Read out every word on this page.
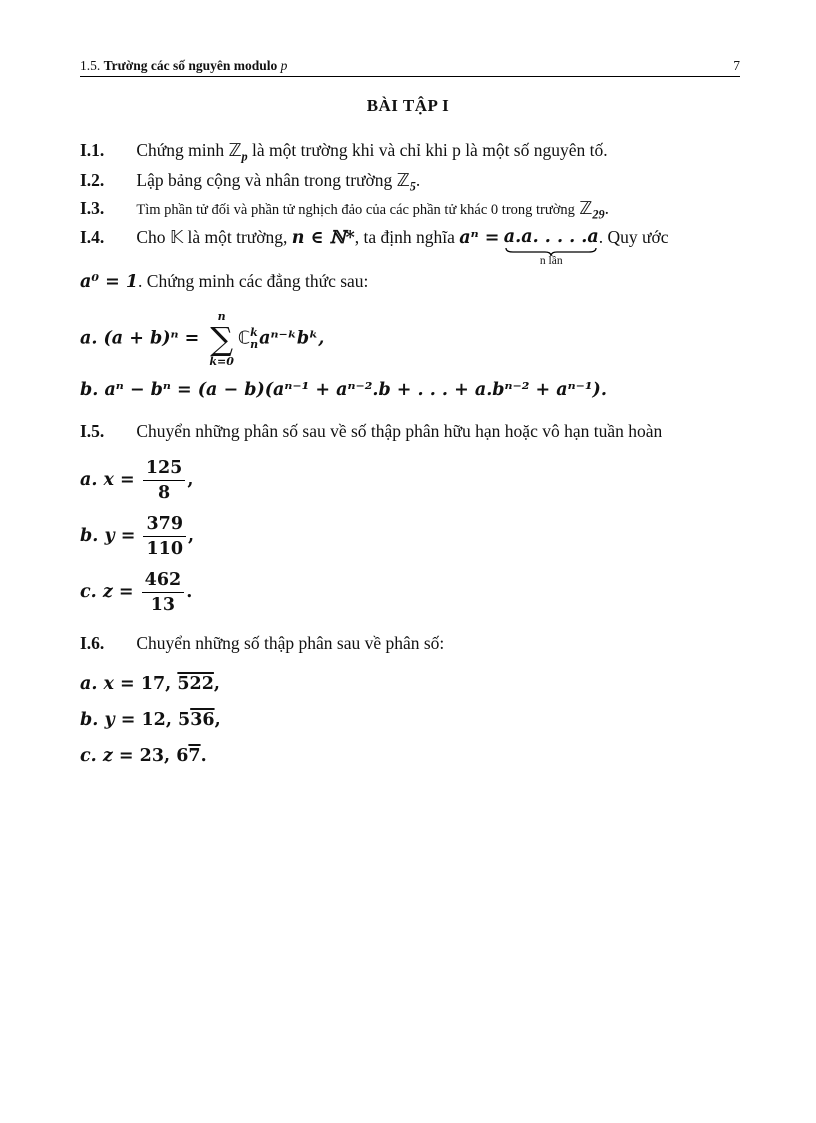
1.5. Trường các số nguyên modulo p	7
BÀI TẬP I
I.1. Chứng minh ℤ$_p$ là một trường khi và chỉ khi p là một số nguyên tố.
I.2. Lập bảng cộng và nhân trong trường ℤ$_5$.
I.3. Tìm phần tử đối và phần tử nghịch đảo của các phần tử khác 0 trong trường ℤ$_{29}$.
I.4. Cho 𝕂 là một trường, n ∈ ℕ*, ta định nghĩa aⁿ = a.a. . . . .a
n lần
. Quy ước
a⁰ = 1. Chứng minh các đẳng thức sau:
a. (a + b)ⁿ =
n
∑
k=0
ℂ k
n aⁿ⁻ᵏbᵏ,
b. aⁿ − bⁿ = (a − b)(aⁿ⁻¹ + aⁿ⁻².b + . . . + a.bⁿ⁻² + aⁿ⁻¹).
I.5. Chuyển những phân số sau về số thập phân hữu hạn hoặc vô hạn tuần hoàn
a. $x = \frac{125}{8}$ ,
b. $y = \frac{379}{110}$ ,
c. $z = \frac{462}{13}$ .
I.6. Chuyển những số thập phân sau về phân số:
a. x = 17, 522,
b. y = 12, 536,
c. z = 23, 67.
